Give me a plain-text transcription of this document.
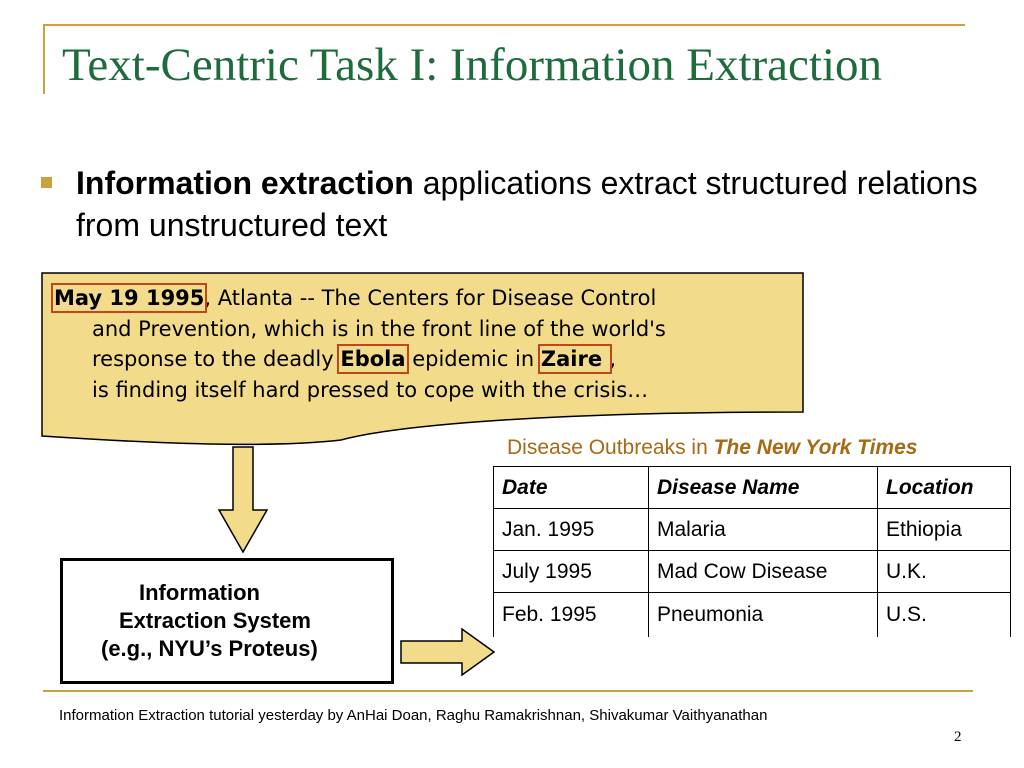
Text-Centric Task I: Information Extraction
Information extraction applications extract structured relations from unstructured text
May 19 1995, Atlanta -- The Centers for Disease Control
and Prevention, which is in the front line of the world's
response to the deadly Ebola epidemic in Zaire ,
is finding itself hard pressed to cope with the crisis…
Information
Extraction System
(e.g., NYU’s Proteus)
Disease Outbreaks in The New York Times
Date	Disease Name	Location
Jan. 1995	Malaria	Ethiopia
July 1995	Mad Cow Disease	U.K.
Feb. 1995	Pneumonia	U.S.
Information Extraction tutorial yesterday by AnHai Doan, Raghu Ramakrishnan, Shivakumar Vaithyanathan
2
